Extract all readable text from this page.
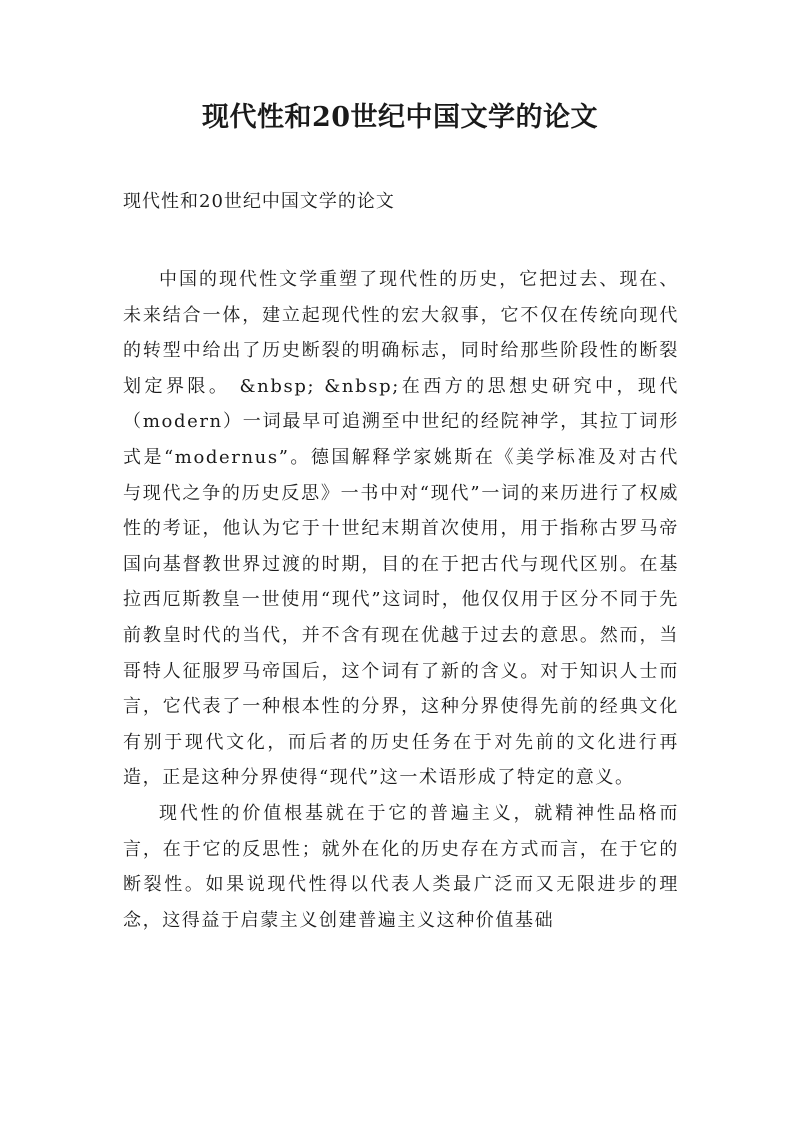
现代性和20世纪中国文学的论文

现代性和20世纪中国文学的论文

中国的现代性文学重塑了现代性的历史，它把过去、现在、未来结合一体，建立起现代性的宏大叙事，它不仅在传统向现代的转型中给出了历史断裂的明确标志，同时给那些阶段性的断裂划定界限。 &nbsp; &nbsp;在西方的思想史研究中，现代（modern）一词最早可追溯至中世纪的经院神学，其拉丁词形式是“modernus”。德国解释学家姚斯在《美学标准及对古代与现代之争的历史反思》一书中对“现代”一词的来历进行了权威性的考证，他认为它于十世纪末期首次使用，用于指称古罗马帝国向基督教世界过渡的时期，目的在于把古代与现代区别。在基拉西厄斯教皇一世使用“现代”这词时，他仅仅用于区分不同于先前教皇时代的当代，并不含有现在优越于过去的意思。然而，当哥特人征服罗马帝国后，这个词有了新的含义。对于知识人士而言，它代表了一种根本性的分界，这种分界使得先前的经典文化有别于现代文化，而后者的历史任务在于对先前的文化进行再造，正是这种分界使得“现代”这一术语形成了特定的意义。

现代性的价值根基就在于它的普遍主义，就精神性品格而言，在于它的反思性；就外在化的历史存在方式而言，在于它的断裂性。如果说现代性得以代表人类最广泛而又无限进步的理念，这得益于启蒙主义创建普遍主义这种价值基础
